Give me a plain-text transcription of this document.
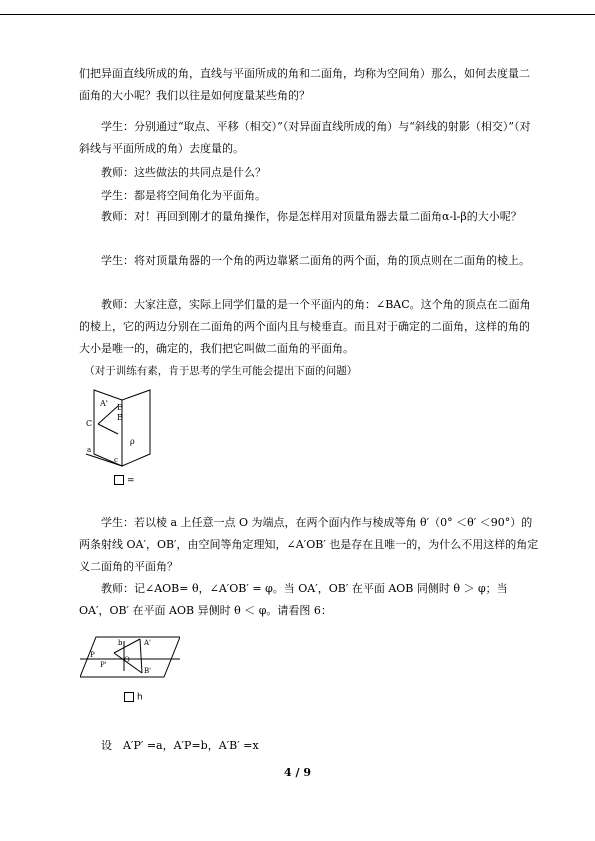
们把异面直线所成的角，直线与平面所成的角和二面角，均称为空间角）那么，如何去度量二面角的大小呢？我们以往是如何度量某些角的？

　　学生：分别通过“取点、平移（相交）”（对异面直线所成的角）与“斜线的射影（相交）”（对斜线与平面所成的角）去度量的。

　　教师：这些做法的共同点是什么？

　　学生：都是将空间角化为平面角。

　　教师：对！再回到刚才的量角操作，你是怎样用对顶量角器去量二面角α-l-β的大小呢？

　　学生：将对顶量角器的一个角的两边靠紧二面角的两个面，角的顶点则在二面角的棱上。

　　教师：大家注意，实际上同学们量的是一个平面内的角：∠BAC。这个角的顶点在二面角的棱上，它的两边分别在二面角的两个面内且与棱垂直。而且对于确定的二面角，这样的角的大小是唯一的，确定的，我们把它叫做二面角的平面角。

　（对于训练有素，肯于思考的学生可能会提出下面的问题）

A' E
B
C
ρ
a
c
=

　　学生：若以棱 a 上任意一点 O 为端点，在两个面内作与棱成等角 θ′（0° ＜θ′ ＜90°）的两条射线 OA′，OB′，由空间等角定理知，∠A′OB′ 也是存在且唯一的，为什么不用这样的角定义二面角的平面角？

　　教师：记∠AOB= θ，∠A′OB′ = φ。当 OA′，OB′ 在平面 AOB 同侧时 θ ＞ φ；当 OA′，OB′ 在平面 AOB 异侧时 θ ＜ φ。请看图 6：

P
P'
b	A'
B'
O
h

　　设　A′P′ =a，A′P=b，A′B′ =x

4 / 9
